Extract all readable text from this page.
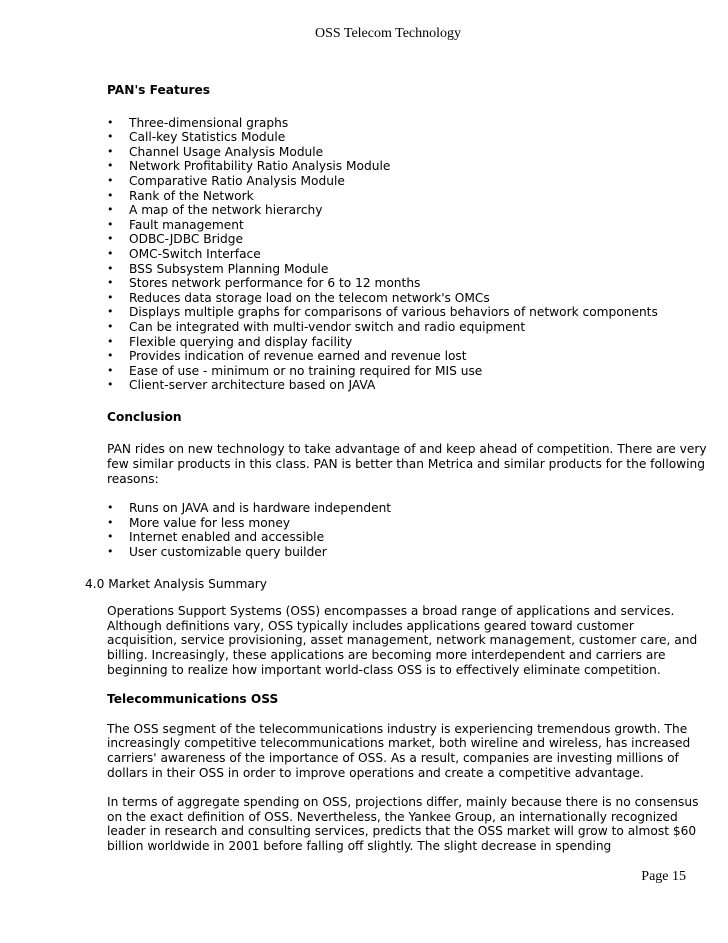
OSS Telecom Technology
PAN's Features
• Three-dimensional graphs
• Call-key Statistics Module
• Channel Usage Analysis Module
• Network Profitability Ratio Analysis Module
• Comparative Ratio Analysis Module
• Rank of the Network
• A map of the network hierarchy
• Fault management
• ODBC-JDBC Bridge
• OMC-Switch Interface
• BSS Subsystem Planning Module
• Stores network performance for 6 to 12 months
• Reduces data storage load on the telecom network's OMCs
• Displays multiple graphs for comparisons of various behaviors of network components
• Can be integrated with multi-vendor switch and radio equipment
• Flexible querying and display facility
• Provides indication of revenue earned and revenue lost
• Ease of use - minimum or no training required for MIS use
• Client-server architecture based on JAVA
Conclusion

PAN rides on new technology to take advantage of and keep ahead of competition. There are very few similar products in this class. PAN is better than Metrica and similar products for the following reasons:

• Runs on JAVA and is hardware independent
• More value for less money
• Internet enabled and accessible
• User customizable query builder

4.0 Market Analysis Summary

Operations Support Systems (OSS) encompasses a broad range of applications and services. Although definitions vary, OSS typically includes applications geared toward customer acquisition, service provisioning, asset management, network management, customer care, and billing. Increasingly, these applications are becoming more interdependent and carriers are beginning to realize how important world-class OSS is to effectively eliminate competition.

Telecommunications OSS

The OSS segment of the telecommunications industry is experiencing tremendous growth. The increasingly competitive telecommunications market, both wireline and wireless, has increased carriers' awareness of the importance of OSS. As a result, companies are investing millions of dollars in their OSS in order to improve operations and create a competitive advantage.

In terms of aggregate spending on OSS, projections differ, mainly because there is no consensus on the exact definition of OSS. Nevertheless, the Yankee Group, an internationally recognized leader in research and consulting services, predicts that the OSS market will grow to almost $60 billion worldwide in 2001 before falling off slightly. The slight decrease in spending

Page 15
